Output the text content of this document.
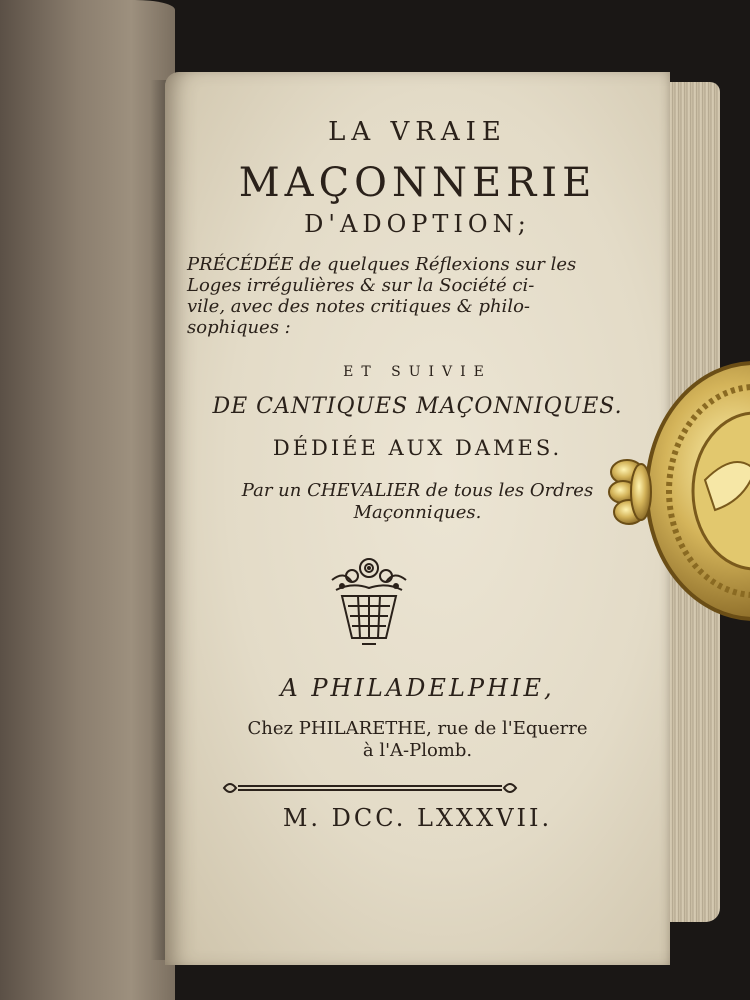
LA VRAIE
MAÇONNERIE
D'ADOPTION;
PRÉCÉDÉE de quelques Réflexions sur les
Loges irrégulières & sur la Société ci-
vile, avec des notes critiques & philo-
sophiques :
ET SUIVIE
DE CANTIQUES MAÇONNIQUES.
DÉDIÉE AUX DAMES.
Par un CHEVALIER de tous les Ordres
Maçonniques.
A PHILADELPHIE,
Chez PHILARETHE, rue de l'Equerre
à l'A-Plomb.
M. DCC. LXXXVII.
